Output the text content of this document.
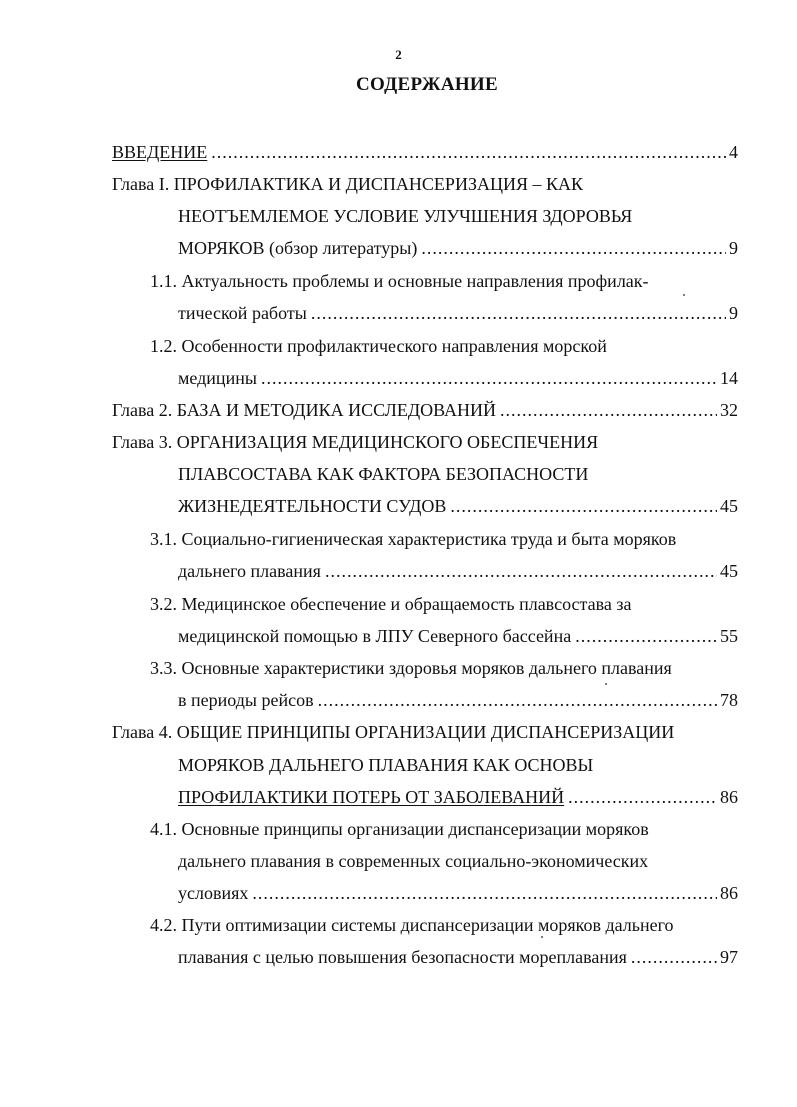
2
СОДЕРЖАНИЕ
ВВЕДЕНИЕ .....	4
Глава I. ПРОФИЛАКТИКА И ДИСПАНСЕРИЗАЦИЯ – КАК
НЕОТЪЕМЛЕМОЕ УСЛОВИЕ УЛУЧШЕНИЯ ЗДОРОВЬЯ
МОРЯКОВ (обзор литературы) .....	9
1.1. Актуальность проблемы и основные направления профилак-
тической работы .....	9
1.2. Особенности профилактического направления морской
медицины .....	14
Глава 2. БАЗА И МЕТОДИКА ИССЛЕДОВАНИЙ .....	32
Глава 3. ОРГАНИЗАЦИЯ МЕДИЦИНСКОГО ОБЕСПЕЧЕНИЯ
ПЛАВСОСТАВА КАК ФАКТОРА БЕЗОПАСНОСТИ
ЖИЗНЕДЕЯТЕЛЬНОСТИ СУДОВ .....	45
3.1. Социально-гигиеническая характеристика труда и быта моряков
дальнего плавания .....	45
3.2. Медицинское обеспечение и обращаемость плавсостава за
медицинской помощью в ЛПУ Северного бассейна .....	55
3.3. Основные характеристики здоровья моряков дальнего плавания
в периоды рейсов .....	78
Глава 4. ОБЩИЕ ПРИНЦИПЫ ОРГАНИЗАЦИИ ДИСПАНСЕРИЗАЦИИ
МОРЯКОВ ДАЛЬНЕГО ПЛАВАНИЯ КАК ОСНОВЫ
ПРОФИЛАКТИКИ ПОТЕРЬ ОТ ЗАБОЛЕВАНИЙ .....	86
4.1. Основные принципы организации диспансеризации моряков
дальнего плавания в современных социально-экономических
условиях .....	86
4.2. Пути оптимизации системы диспансеризации моряков дальнего
плавания с целью повышения безопасности мореплавания .....	97
